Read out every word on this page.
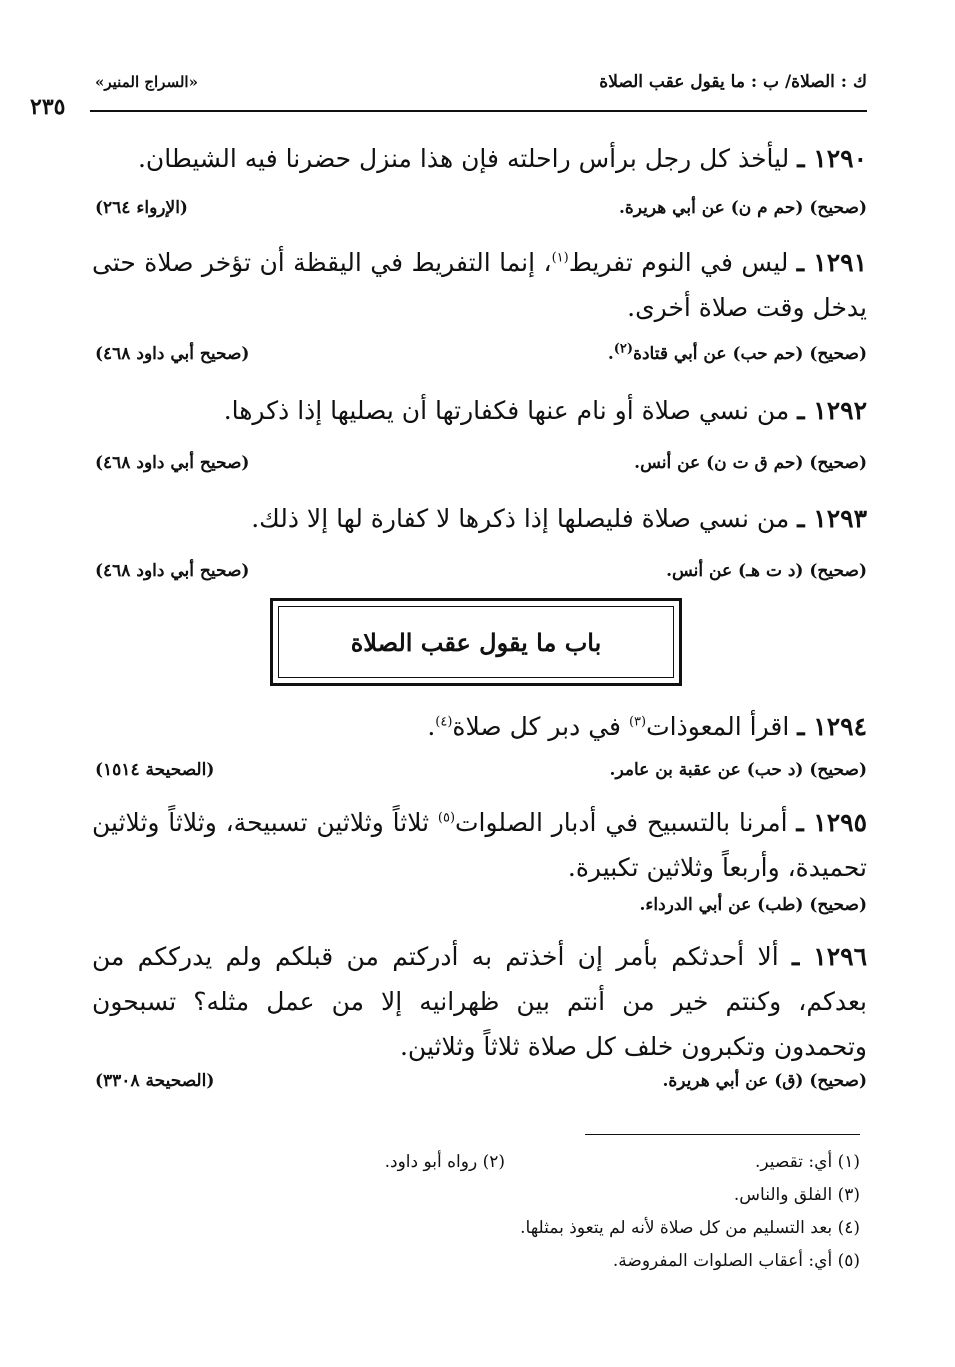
ك : الصلاة/ ب : ما يقول عقب الصلاة
«السراج المنير»
٢٣٥
١٢٩٠ ـ ليأخذ كل رجل برأس راحلته فإن هذا منزل حضرنا فيه الشيطان.
(صحيح) (حم م ن) عن أبي هريرة.
(الإرواء ٢٦٤)
١٢٩١ ـ ليس في النوم تفريط$^{(١)}$، إنما التفريط في اليقظة أن تؤخر صلاة حتى يدخل وقت صلاة أخرى.
(صحيح) (حم حب) عن أبي قتادة$^{(٢)}$.
(صحيح أبي داود ٤٦٨)
١٢٩٢ ـ من نسي صلاة أو نام عنها فكفارتها أن يصليها إذا ذكرها.
(صحيح) (حم ق ت ن) عن أنس.
(صحيح أبي داود ٤٦٨)
١٢٩٣ ـ من نسي صلاة فليصلها إذا ذكرها لا كفارة لها إلا ذلك.
(صحيح) (د ت هـ) عن أنس.
(صحيح أبي داود ٤٦٨)
باب ما يقول عقب الصلاة
١٢٩٤ ـ اقرأ المعوذات$^{(٣)}$ في دبر كل صلاة$^{(٤)}$.
(صحيح) (د حب) عن عقبة بن عامر.
(الصحيحة ١٥١٤)
١٢٩٥ ـ أمرنا بالتسبيح في أدبار الصلوات$^{(٥)}$ ثلاثاً وثلاثين تسبيحة، وثلاثاً وثلاثين تحميدة، وأربعاً وثلاثين تكبيرة.
(صحيح) (طب) عن أبي الدرداء.
١٢٩٦ ـ ألا أحدثكم بأمر إن أخذتم به أدركتم من قبلكم ولم يدرككم من بعدكم، وكنتم خير من أنتم بين ظهرانيه إلا من عمل مثله؟ تسبحون وتحمدون وتكبرون خلف كل صلاة ثلاثاً وثلاثين.
(صحيح) (ق) عن أبي هريرة.
(الصحيحة ٣٣٠٨)
(١) أي: تقصير.
(٢) رواه أبو داود.
(٣) الفلق والناس.
(٤) بعد التسليم من كل صلاة لأنه لم يتعوذ بمثلها.
(٥) أي: أعقاب الصلوات المفروضة.
